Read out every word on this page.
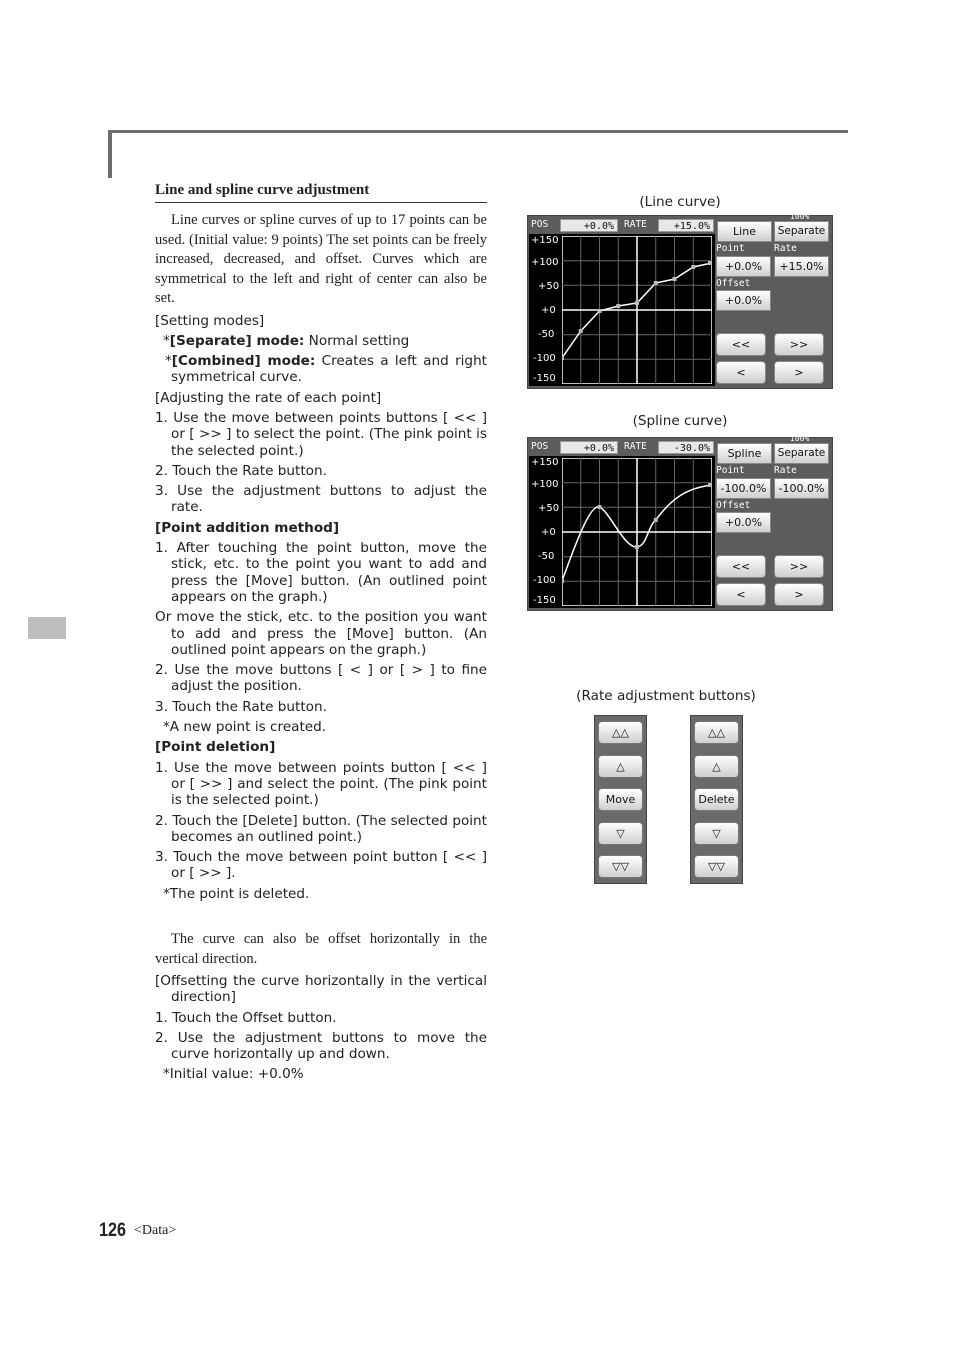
Line and spline curve adjustment

Line curves or spline curves of up to 17 points can be used. (Initial value: 9 points) The set points can be freely increased, decreased, and offset. Curves which are symmetrical to the left and right of center can also be set.

[Setting modes]

*[Separate] mode: Normal setting

*[Combined] mode: Creates a left and right symmetrical curve.

[Adjusting the rate of each point]

1. Use the move between points buttons [ << ] or [ >> ] to select the point. (The pink point is the selected point.)

2. Touch the Rate button.

3. Use the adjustment buttons to adjust the rate.

[Point addition method]

1. After touching the point button, move the stick, etc. to the point you want to add and press the [Move] button. (An outlined point appears on the graph.)

Or move the stick, etc. to the position you want to add and press the [Move] button. (An outlined point appears on the graph.)

2. Use the move buttons [ < ] or [ > ] to fine adjust the position.

3. Touch the Rate button.

*A new point is created.

[Point deletion]

1. Use the move between points button [ << ] or [ >> ] and select the point. (The pink point is the selected point.)

2. Touch the [Delete] button. (The selected point becomes an outlined point.)

3. Touch the move between point button [ << ] or [ >> ].

*The point is deleted.

The curve can also be offset horizontally in the vertical direction.

[Offsetting the curve horizontally in the vertical direction]

1. Touch the Offset button.

2. Use the adjustment buttons to move the curve horizontally up and down.

*Initial value: +0.0%

(Line curve)
(Spline curve)
(Rate adjustment buttons)
POS	+0.0%	RATE	+15.0%
100%
+150
+100
+50
+0
-50
-100
-150
Line	Separate
Point	Rate
+0.0%	+15.0%
Offset
+0.0%
<<	>>
<	>
POS	+0.0%	RATE	-30.0%
100%
+150
+100
+50
+0
-50
-100
-150
Spline	Separate
Point	Rate
-100.0%	-100.0%
Offset
+0.0%
<<	>>
<	>
△△
△
Move
▽
▽▽
△△
△
Delete
▽
▽▽
126 <Data>
